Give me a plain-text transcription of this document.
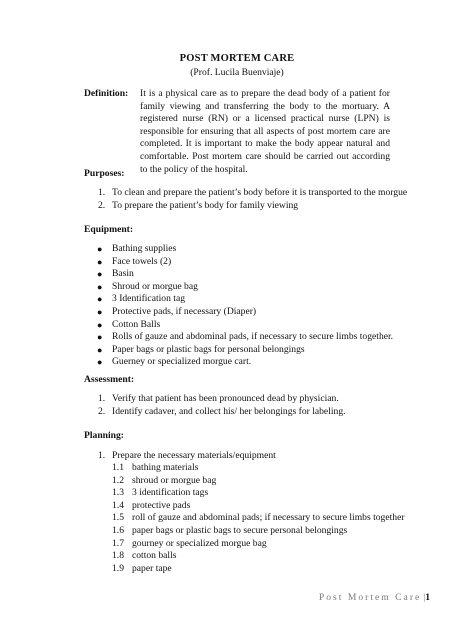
POST MORTEM CARE
(Prof. Lucila Buenviaje)
Definition: It is a physical care as to prepare the dead body of a patient for family viewing and transferring the body to the mortuary. A registered nurse (RN) or a licensed practical nurse (LPN) is responsible for ensuring that all aspects of post mortem care are completed. It is important to make the body appear natural and comfortable. Post mortem care should be carried out according to the policy of the hospital.
Purposes:
1. To clean and prepare the patient’s body before it is transported to the morgue
2. To prepare the patient’s body for family viewing
Equipment:
● Bathing supplies
● Face towels (2)
● Basin
● Shroud or morgue bag
● 3 Identification tag
● Protective pads, if necessary (Diaper)
● Cotton Balls
● Rolls of gauze and abdominal pads, if necessary to secure limbs together.
● Paper bags or plastic bags for personal belongings
● Guerney or specialized morgue cart.
Assessment:
1. Verify that patient has been pronounced dead by physician.
2. Identify cadaver, and collect his/ her belongings for labeling.
Planning:
1. Prepare the necessary materials/equipment
1.1 bathing materials
1.2 shroud or morgue bag
1.3 3 identification tags
1.4 protective pads
1.5 roll of gauze and abdominal pads; if necessary to secure limbs together
1.6 paper bags or plastic bags to secure personal belongings
1.7 gourney or specialized morgue bag
1.8 cotton balls
1.9 paper tape
Post Mortem Care |1
